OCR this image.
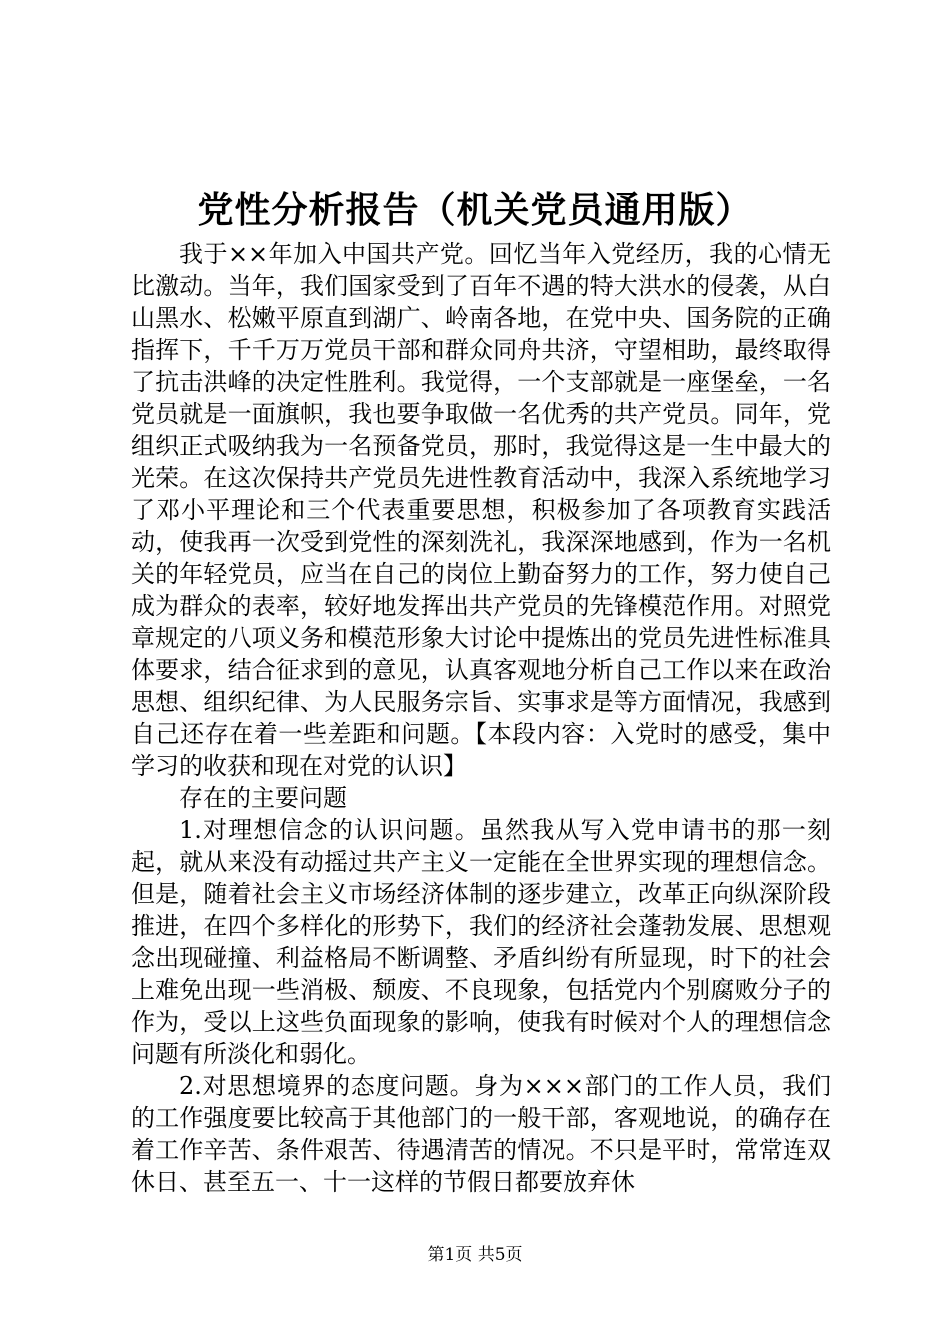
党性分析报告（机关党员通用版）

我于××年加入中国共产党。回忆当年入党经历，我的心情无比激动。当年，我们国家受到了百年不遇的特大洪水的侵袭，从白山黑水、松嫩平原直到湖广、岭南各地，在党中央、国务院的正确指挥下，千千万万党员干部和群众同舟共济，守望相助，最终取得了抗击洪峰的决定性胜利。我觉得，一个支部就是一座堡垒，一名党员就是一面旗帜，我也要争取做一名优秀的共产党员。同年，党组织正式吸纳我为一名预备党员，那时，我觉得这是一生中最大的光荣。在这次保持共产党员先进性教育活动中，我深入系统地学习了邓小平理论和三个代表重要思想，积极参加了各项教育实践活动，使我再一次受到党性的深刻洗礼，我深深地感到，作为一名机关的年轻党员，应当在自己的岗位上勤奋努力的工作，努力使自己成为群众的表率，较好地发挥出共产党员的先锋模范作用。对照党章规定的八项义务和模范形象大讨论中提炼出的党员先进性标准具体要求，结合征求到的意见，认真客观地分析自己工作以来在政治思想、组织纪律、为人民服务宗旨、实事求是等方面情况，我感到自己还存在着一些差距和问题。【本段内容：入党时的感受，集中学习的收获和现在对党的认识】

存在的主要问题

1.对理想信念的认识问题。虽然我从写入党申请书的那一刻起，就从来没有动摇过共产主义一定能在全世界实现的理想信念。但是，随着社会主义市场经济体制的逐步建立，改革正向纵深阶段推进，在四个多样化的形势下，我们的经济社会蓬勃发展、思想观念出现碰撞、利益格局不断调整、矛盾纠纷有所显现，时下的社会上难免出现一些消极、颓废、不良现象，包括党内个别腐败分子的作为，受以上这些负面现象的影响，使我有时候对个人的理想信念问题有所淡化和弱化。

2.对思想境界的态度问题。身为×××部门的工作人员，我们的工作强度要比较高于其他部门的一般干部，客观地说，的确存在着工作辛苦、条件艰苦、待遇清苦的情况。不只是平时，常常连双休日、甚至五一、十一这样的节假日都要放弃休

第1页 共5页
